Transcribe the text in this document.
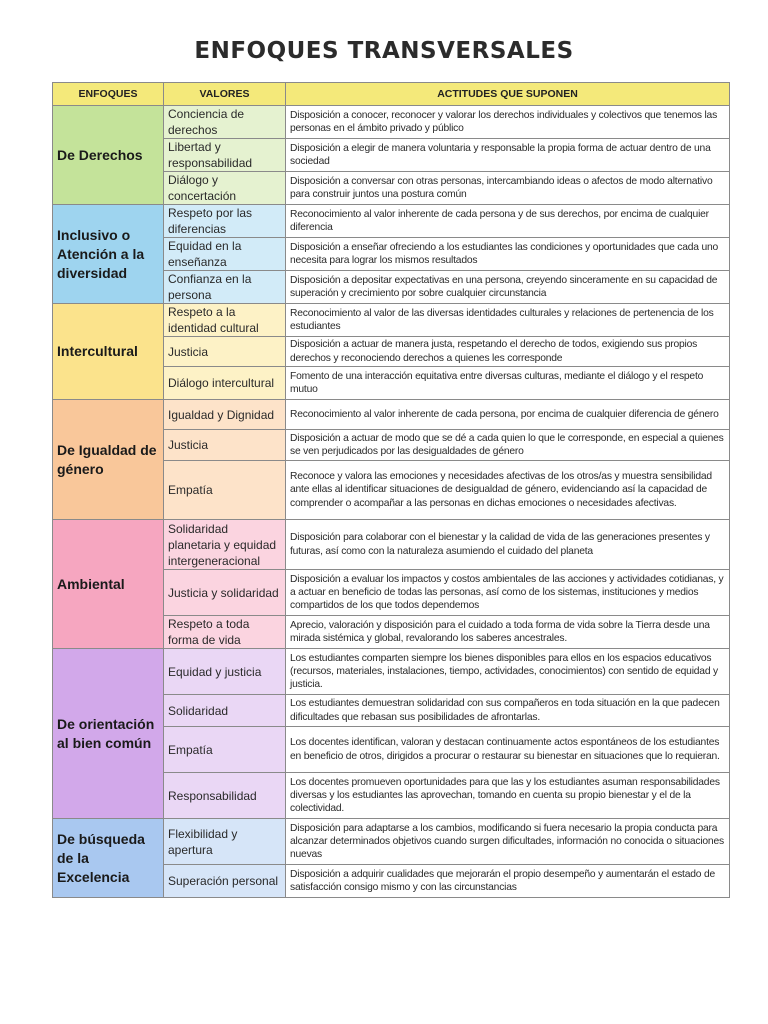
ENFOQUES TRANSVERSALES
ENFOQUES	VALORES	ACTITUDES QUE SUPONEN
De Derechos	Conciencia de derechos	Disposición a conocer, reconocer y valorar los derechos individuales y colectivos que tenemos las personas en el ámbito privado y público
	Libertad y responsabilidad	Disposición a elegir de manera voluntaria y responsable la propia forma de actuar dentro de una sociedad
	Diálogo y concertación	Disposición a conversar con otras personas, intercambiando ideas o afectos de modo alternativo para construir juntos una postura común
Inclusivo o Atención a la diversidad	Respeto por las diferencias	Reconocimiento al valor inherente de cada persona y de sus derechos, por encima de cualquier diferencia
	Equidad en la enseñanza	Disposición a enseñar ofreciendo a los estudiantes las condiciones y oportunidades que cada uno necesita para lograr los mismos resultados
	Confianza en la persona	Disposición a depositar expectativas en una persona, creyendo sinceramente en su capacidad de superación y crecimiento por sobre cualquier circunstancia
Intercultural	Respeto a la identidad cultural	Reconocimiento al valor de las diversas identidades culturales y relaciones de pertenencia de los estudiantes
	Justicia	Disposición a actuar de manera justa, respetando el derecho de todos, exigiendo sus propios derechos y reconociendo derechos a quienes les corresponde
	Diálogo intercultural	Fomento de una interacción equitativa entre diversas culturas, mediante el diálogo y el respeto mutuo
De Igualdad de género	Igualdad y Dignidad	Reconocimiento al valor inherente de cada persona, por encima de cualquier diferencia de género
	Justicia	Disposición a actuar de modo que se dé a cada quien lo que le corresponde, en especial a quienes se ven perjudicados por las desigualdades de género
	Empatía	Reconoce y valora las emociones y necesidades afectivas de los otros/as y muestra sensibilidad ante ellas al identificar situaciones de desigualdad de género, evidenciando así la capacidad de comprender o acompañar a las personas en dichas emociones o necesidades afectivas.
Ambiental	Solidaridad planetaria y equidad intergeneracional	Disposición para colaborar con el bienestar y la calidad de vida de las generaciones presentes y futuras, así como con la naturaleza asumiendo el cuidado del planeta
	Justicia y solidaridad	Disposición a evaluar los impactos y costos ambientales de las acciones y actividades cotidianas, y a actuar en beneficio de todas las personas, así como de los sistemas, instituciones y medios compartidos de los que todos dependemos
	Respeto a toda forma de vida	Aprecio, valoración y disposición para el cuidado a toda forma de vida sobre la Tierra desde una mirada sistémica y global, revalorando los saberes ancestrales.
De orientación al bien común	Equidad y justicia	Los estudiantes comparten siempre los bienes disponibles para ellos en los espacios educativos (recursos, materiales, instalaciones, tiempo, actividades, conocimientos) con sentido de equidad y justicia.
	Solidaridad	Los estudiantes demuestran solidaridad con sus compañeros en toda situación en la que padecen dificultades que rebasan sus posibilidades de afrontarlas.
	Empatía	Los docentes identifican, valoran y destacan continuamente actos espontáneos de los estudiantes en beneficio de otros, dirigidos a procurar o restaurar su bienestar en situaciones que lo requieran.
	Responsabilidad	Los docentes promueven oportunidades para que las y los estudiantes asuman responsabilidades diversas y los estudiantes las aprovechan, tomando en cuenta su propio bienestar y el de la colectividad.
De búsqueda de la Excelencia	Flexibilidad y apertura	Disposición para adaptarse a los cambios, modificando si fuera necesario la propia conducta para alcanzar determinados objetivos cuando surgen dificultades, información no conocida o situaciones nuevas
	Superación personal	Disposición a adquirir cualidades que mejorarán el propio desempeño y aumentarán el estado de satisfacción consigo mismo y con las circunstancias
